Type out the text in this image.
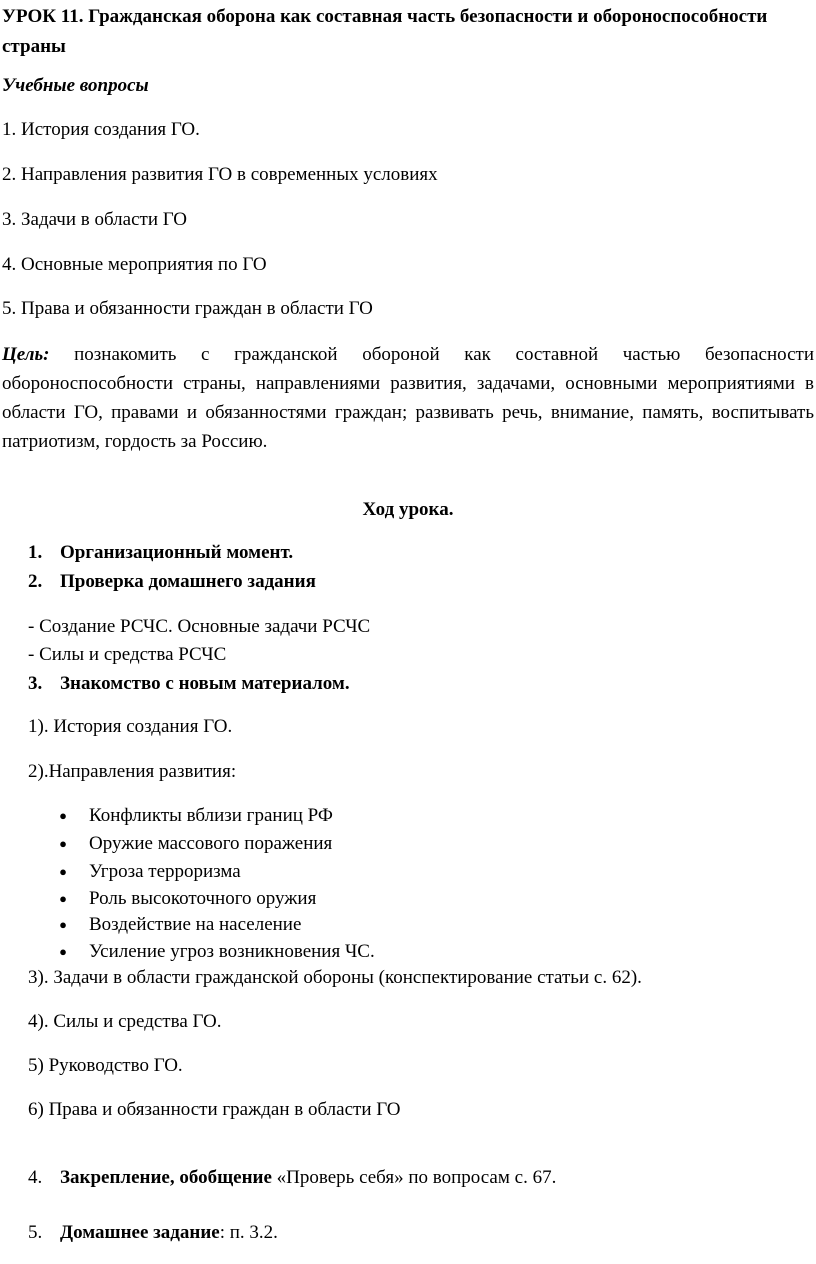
УРОК 11. Гражданская оборона как составная часть безопасности и обороноспособности страны

Учебные вопросы

1. История создания ГО.

2. Направления развития ГО в современных условиях

3. Задачи в области ГО

4. Основные мероприятия по ГО

5. Права и обязанности граждан в области ГО

Цель: познакомить с гражданской обороной как составной частью безопасности обороноспособности страны, направлениями развития, задачами, основными мероприятиями в области ГО, правами и обязанностями граждан; развивать речь, внимание, память, воспитывать патриотизм, гордость за Россию.

Ход урока.

1. Организационный момент.

2. Проверка домашнего задания

- Создание РСЧС. Основные задачи РСЧС

- Силы и средства РСЧС

3. Знакомство с новым материалом.

1). История создания ГО.

2).Направления развития:

● Конфликты вблизи границ РФ
● Оружие массового поражения
● Угроза терроризма
● Роль высокоточного оружия
● Воздействие на население
● Усиление угроз возникновения ЧС.

3). Задачи в области гражданской обороны (конспектирование статьи с. 62).

4). Силы и средства ГО.

5) Руководство ГО.

6) Права и обязанности граждан в области ГО

4. Закрепление, обобщение «Проверь себя» по вопросам с. 67.

5. Домашнее задание: п. 3.2.
